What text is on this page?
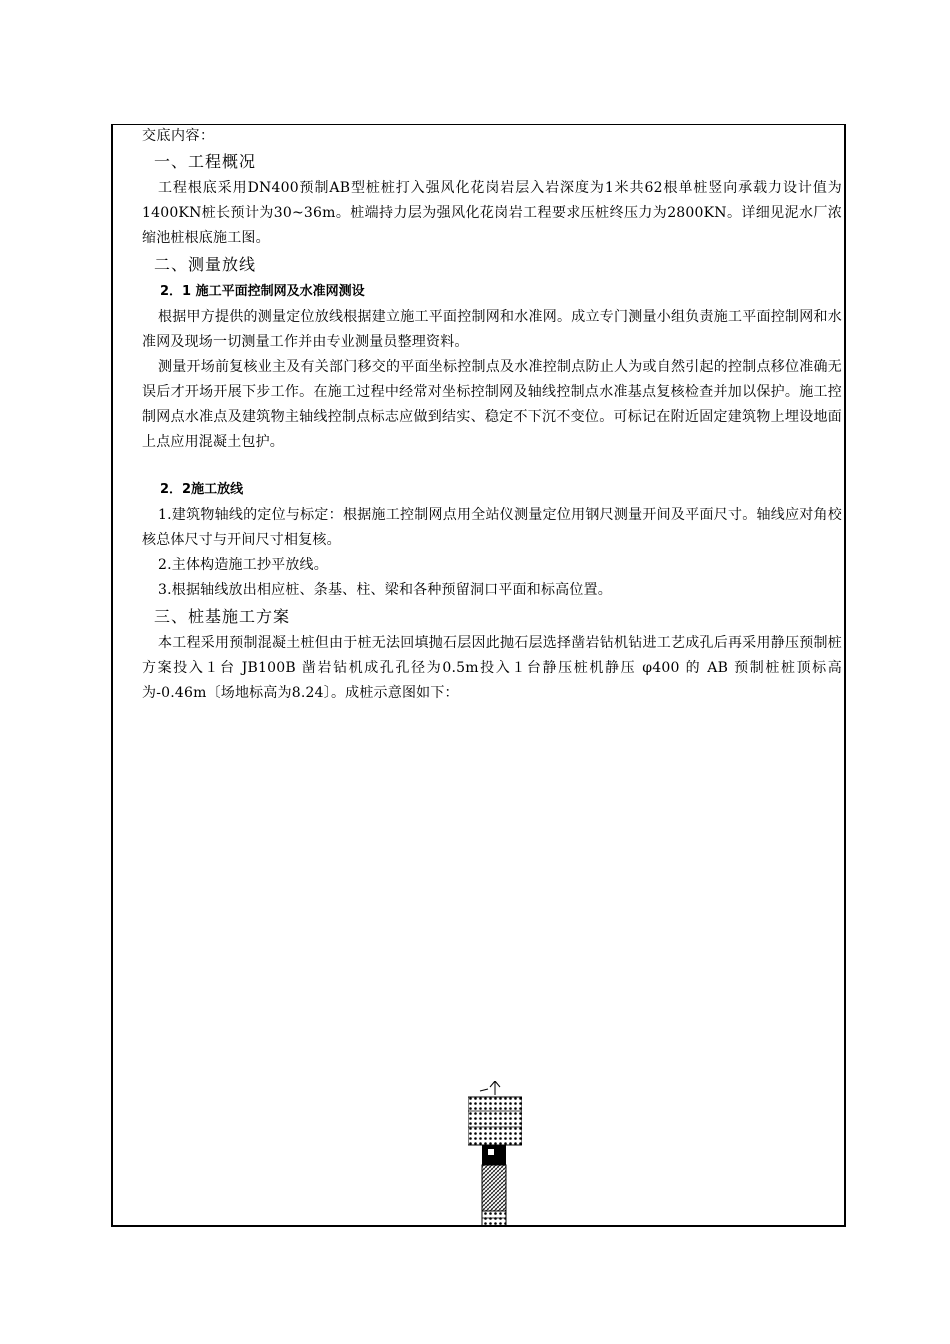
交底内容：

一、工程概况

工程根底采用DN400预制AB型桩桩打入强风化花岗岩层入岩深度为1米共62根单桩竖向承载力设计值为1400KN桩长预计为30~36m。桩端持力层为强风化花岗岩工程要求压桩终压力为2800KN。详细见泥水厂浓缩池桩根底施工图。

二、测量放线

2．1 施工平面控制网及水准网测设

根据甲方提供的测量定位放线根据建立施工平面控制网和水准网。成立专门测量小组负责施工平面控制网和水准网及现场一切测量工作并由专业测量员整理资料。

测量开场前复核业主及有关部门移交的平面坐标控制点及水准控制点防止人为或自然引起的控制点移位准确无误后才开场开展下步工作。在施工过程中经常对坐标控制网及轴线控制点水准基点复核检查并加以保护。施工控制网点水准点及建筑物主轴线控制点标志应做到结实、稳定不下沉不变位。可标记在附近固定建筑物上埋设地面上点应用混凝土包护。

2．2施工放线

1.建筑物轴线的定位与标定：根据施工控制网点用全站仪测量定位用钢尺测量开间及平面尺寸。轴线应对角校核总体尺寸与开间尺寸相复核。

2.主体构造施工抄平放线。

3.根据轴线放出相应桩、条基、柱、梁和各种预留洞口平面和标高位置。

三、桩基施工方案

本工程采用预制混凝土桩但由于桩无法回填抛石层因此抛石层选择凿岩钻机钻进工艺成孔后再采用静压预制桩方案投入１台 JB100B 凿岩钻机成孔孔径为0.5m投入１台静压桩机静压 φ400 的 AB 预制桩桩顶标高为-0.46m〔场地标高为8.24〕。成桩示意图如下：
